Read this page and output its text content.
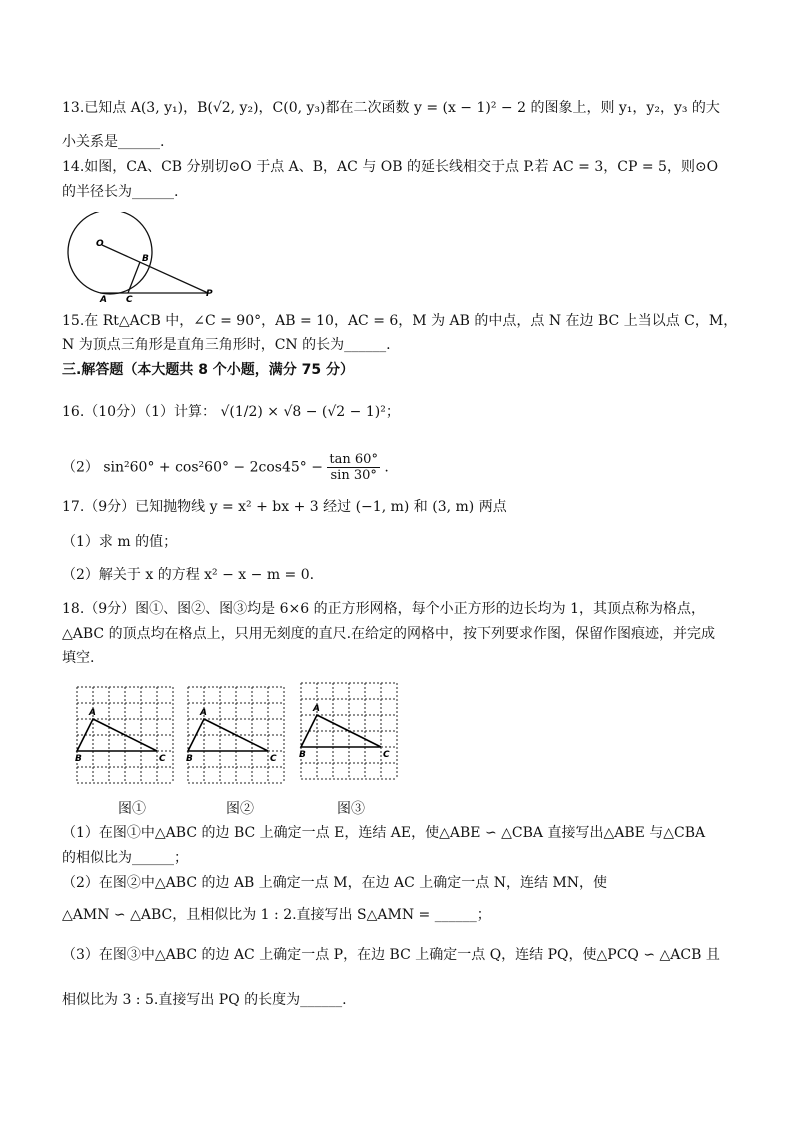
13.已知点 A(3, y₁)，B(√2, y₂)，C(0, y₃)都在二次函数 y = (x − 1)² − 2 的图象上，则 y₁，y₂，y₃ 的大
小关系是______.
14.如图，CA、CB 分别切⊙O 于点 A、B，AC 与 OB 的延长线相交于点 P.若 AC = 3，CP = 5，则⊙O
的半径长为______.
O
B
A C
P
15.在 Rt△ACB 中，∠C = 90°，AB = 10，AC = 6，M 为 AB 的中点，点 N 在边 BC 上当以点 C，M，
N 为顶点三角形是直角三角形时，CN 的长为______.
三.解答题（本大题共 8 个小题，满分 75 分）
16.（10分）（1）计算： √(1/2) × √8 − (√2 − 1)²；
（2） $\sin^260^\circ + \cos^260^\circ - 2\cos 45^\circ - \frac{\tan 60^\circ}{\sin 30^\circ}$ .
17.（9分）已知抛物线 y = x² + bx + 3 经过 (−1, m) 和 (3, m) 两点
（1）求 m 的值；
（2）解关于 x 的方程 x² − x − m = 0.
18.（9分）图①、图②、图③均是 6×6 的正方形网格，每个小正方形的边长均为 1，其顶点称为格点，
△ABC 的顶点均在格点上，只用无刻度的直尺.在给定的网格中，按下列要求作图，保留作图痕迹，并完成
填空.
A
B	C
A
B	C
A
B	C
图①	图②	图③
（1）在图①中△ABC 的边 BC 上确定一点 E，连结 AE，使△ABE ∽ △CBA 直接写出△ABE 与△CBA
的相似比为______；
（2）在图②中△ABC 的边 AB 上确定一点 M，在边 AC 上确定一点 N，连结 MN，使
△AMN ∽ △ABC，且相似比为 1 : 2.直接写出 S△AMN = ______；
（3）在图③中△ABC 的边 AC 上确定一点 P，在边 BC 上确定一点 Q，连结 PQ，使△PCQ ∽ △ACB 且
相似比为 3 : 5.直接写出 PQ 的长度为______.
